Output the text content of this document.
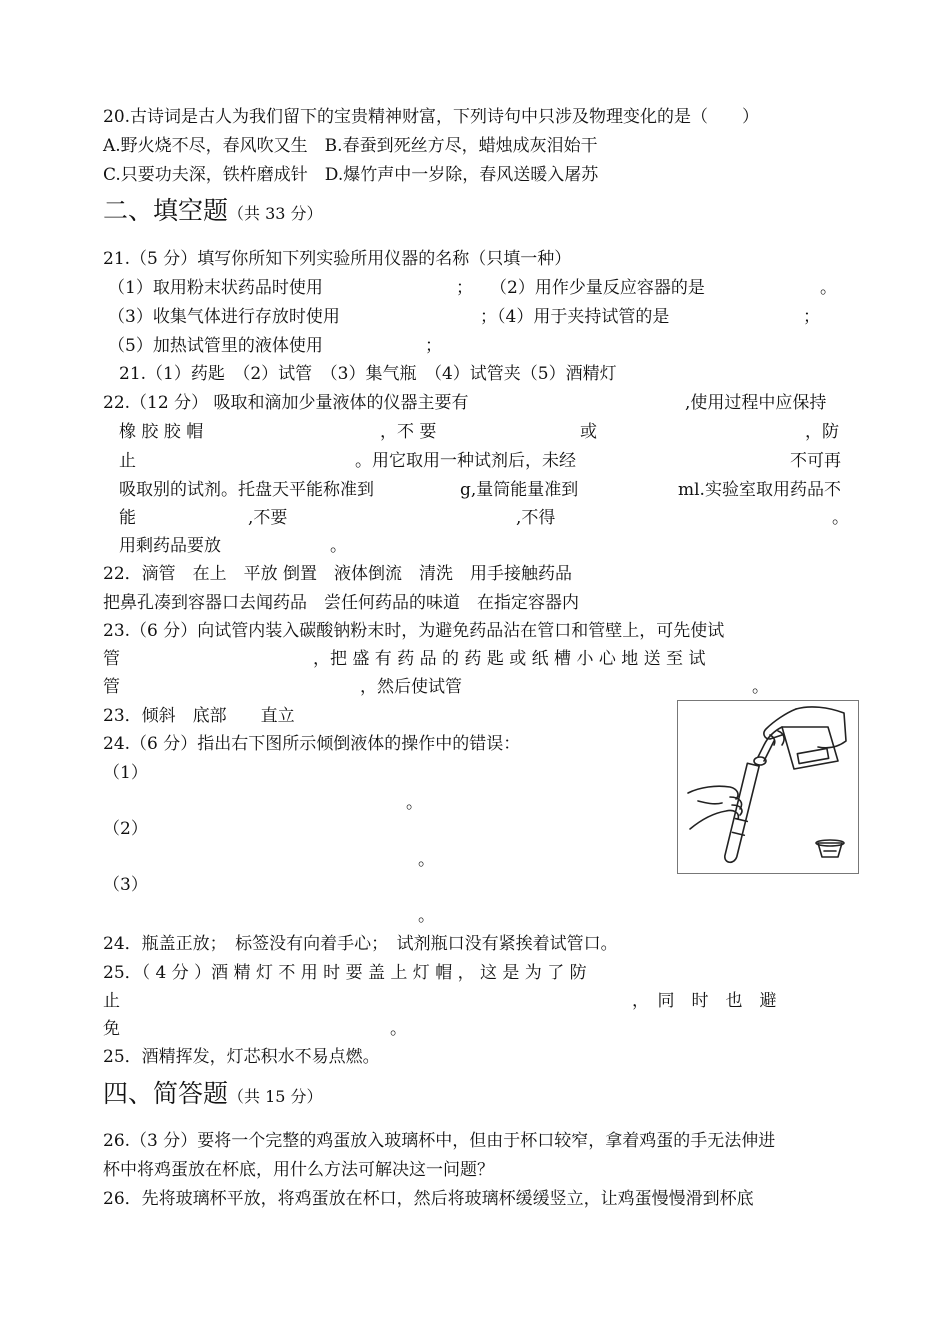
20.古诗词是古人为我们留下的宝贵精神财富，下列诗句中只涉及物理变化的是（　　）
A.野火烧不尽，春风吹又生　B.春蚕到死丝方尽，蜡烛成灰泪始干
C.只要功夫深，铁杵磨成针　D.爆竹声中一岁除，春风送暖入屠苏
二、填空题（共 33 分）
21.（5 分）填写你所知下列实验所用仪器的名称（只填一种）
（1）取用粉末状药品时使用	； （2）用作少量反应容器的是	。
（3）收集气体进行存放时使用	；（4）用于夹持试管的是	；
（5）加热试管里的液体使用	；
21.（1）药匙　（2）试管　（3）集气瓶　（4）试管夹（5）酒精灯
22.（12 分） 吸取和滴加少量液体的仪器主要有	,使用过程中应保持
橡 胶 胶 帽	，不 要	或	，防
止	。用它取用一种试剂后，未经	不可再
吸取别的试剂。托盘天平能称准到	g,量筒能量准到	ml.实验室取用药品不
能	,不要	,不得	。
用剩药品要放	。
22．滴管　在上　平放 倒置　液体倒流　清洗　用手接触药品
把鼻孔凑到容器口去闻药品　尝任何药品的味道　在指定容器内
23.（6 分）向试管内装入碳酸钠粉末时，为避免药品沾在管口和管壁上，可先使试
管	，把 盛 有 药 品 的 药 匙 或 纸 槽 小 心 地 送 至 试
管	，然后使试管	。
23．倾斜　底部　　直立
24.（6 分）指出右下图所示倾倒液体的操作中的错误：
（1）
。
（2）
。
（3）
。
24．瓶盖正放；　标签没有向着手心；　试剂瓶口没有紧挨着试管口。
25．（ 4 分 ）酒 精 灯 不 用 时 要 盖 上 灯 帽 ， 这 是 为 了 防
止	，　同　时　也　避
免	。
25．酒精挥发，灯芯积水不易点燃。
四、简答题（共 15 分）
26.（3 分）要将一个完整的鸡蛋放入玻璃杯中，但由于杯口较窄，拿着鸡蛋的手无法伸进
杯中将鸡蛋放在杯底，用什么方法可解决这一问题？
26．先将玻璃杯平放，将鸡蛋放在杯口，然后将玻璃杯缓缓竖立，让鸡蛋慢慢滑到杯底
